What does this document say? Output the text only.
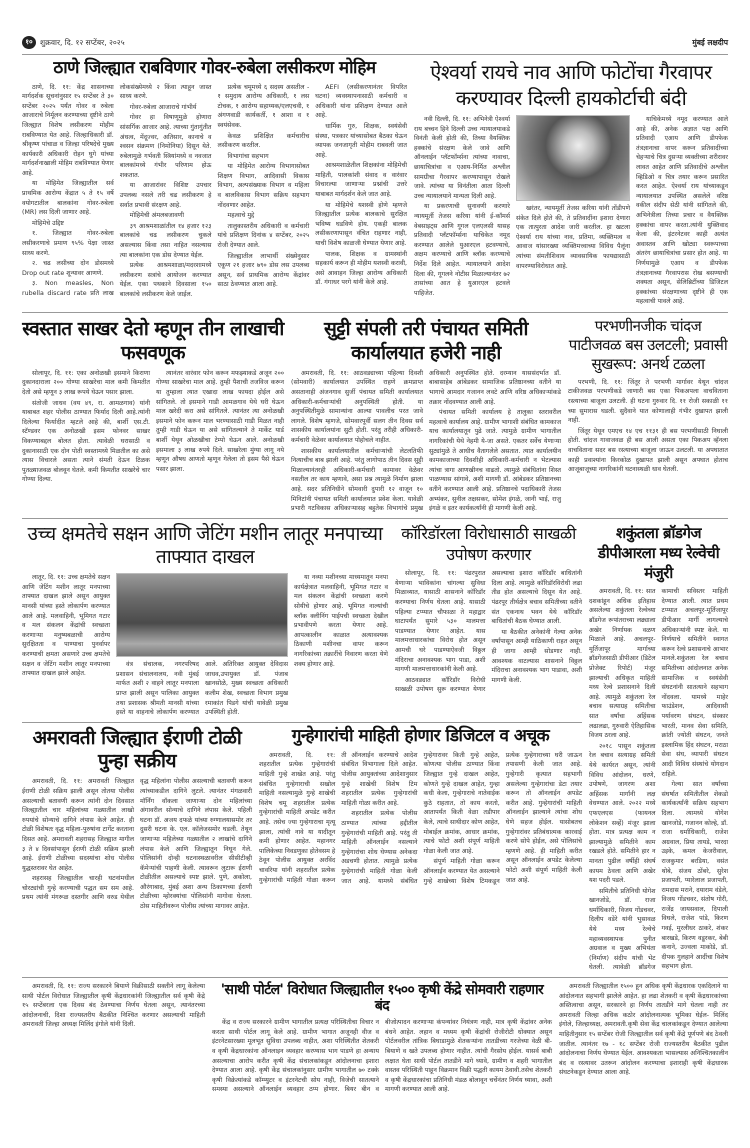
१० शुक्रवार, दि. १२ सप्टेंबर, २०२५	मुंबई लक्षदीप
ठाणे जिल्ह्यात राबविणार गोवर-रुबेला लसीकरण मोहिम

ठाणे, दि. ११: केंद्र शासनाच्या मार्गदर्शक सूचनांनुसार १५ सप्टेंबर ते ३० सप्टेंबर २०२५ पर्यंत गोवर व रुबेला आजाराचे निर्मूलन करण्याच्या दृष्टीने ठाणे जिल्ह्यात विशेष लसीकरण मोहीम राबविण्यात येत आहे. जिल्हाधिकारी डॉ. श्रीकृष्ण पांचाळ व जिल्हा परिषदेचे मुख्य कार्यकारी अधिकारी रोहन घुगे यांच्या मार्गदर्शनाखाली मोहिम राबविण्यात येणार आहे.

या मोहिमेत जिल्ह्यातील सर्व प्राथमिक आरोग्य केंद्रात ५ ते १५ वर्षे वयोगटातील बालकांना गोवर-रुबेला (MR) लस दिली जाणार आहे.

मोहिमेचे उद्दिष्ट

१. जिल्ह्यात गोवर-रुबेला लसीकरणाचे प्रमाण ९५% पेक्षा जास्त साध्य करणे.

२. चढ लसीच्या दोन डोसमध्ये Drop out rate शून्यावर आणणे.

३. Non measles, Non rubella discard rate प्रति लाख लोकसंख्येमध्ये २ किंवा त्याहून जास्त साध्य करणे.

गोवर-रुबेला आजाराचे गांभीर्य

गोवर हा विषाणूमुळे होणारा सांसर्गिक आजार आहे. त्याच्या गुंतागुंतीत अंधत्व, मेंदूज्वर, अतिसार, कानाचे व श्वसन संक्रमण (निमोनिया) दिसून येते. रुबेलामुळे गर्भवती स्त्रियांमध्ये व नवजात बालकांमध्ये गंभीर परिणाम होऊ शकतात.

या आजारांवर विशिष्ट उपचार उपलब्ध नसले तरी चढ लसीकरण हे सर्वात प्रभावी संरक्षण आहे.

मोहिमेची अंमलबजावणी

३९ आश्रमशाळांतील १४ हजार १२३ बालकांचे चढ लसीकरण चुकले असल्यास किंवा तसा नाहित नसल्यास त्या बालकांना एक डोस देण्यात येईल.

प्रत्येक आश्रमशाळा/मदरशामध्ये लसीकरण सत्रांचे आयोजन करण्यात येईल. एका पथकाने दिवसाला १५० बालकांचे लसीकरण केले जाईल.

प्रत्येक चमूमध्ये ६ सदस्य असतील - १ समुदाय आरोग्य अधिकारी, १ लस टोचक, १ आरोग्य सहाय्यक/एलएचवी, १ अंगणवाडी कार्यकर्ती, १ आशा व १ स्वयंसेवक.

केवळ प्रशिक्षित कर्मचारीच लसीकरण करतील.

विभागांचा सहभाग

या मोहिमेत आरोग्य विभागासोबत शिक्षण विभाग, आदिवासी विकास विभाग, अल्पसंख्याक विभाग व महिला व बालविकास विभाग सक्रिय सहभाग नोंदवणार आहेत.

महत्वाचे मुद्दे

तालुकास्तरीय अधिकारी व कर्मचारी यांचे प्रशिक्षण दिनांक ४ सप्टेंबर, २०२५ रोजी देण्यात आले.

जिल्ह्यातील लाभार्थी संख्येनुसार एकूण २१ हजार ७९० डोस लस उपलब्ध असून, सर्व प्राथमिक आरोग्य केंद्रांवर साठा ठेवण्यात आला आहे.

AEFI (लसीकरणानंतर विपरित घटना) व्यवस्थापनासाठी कर्मचारी व अधिकारी यांना प्रशिक्षण देण्यात आले आहे.

धार्मिक गुरु, शिक्षक, स्वयंसेवी संस्था, पत्रकार यांच्यासोबत बैठका घेऊन व्यापक जनजागृती मोहीम राबवली जात आहे.

आश्रमशाळेतील शिक्षकांना मोहिमेची माहिती, पालकांशी संवाद व वारंवार विचारल्या जाणाऱ्या प्रश्नांची उत्तरे याबाबत मार्गदर्शन केले जात आहे.

या मोहिमेचे यशस्वी होणे म्हणजे जिल्ह्यातील प्रत्येक बालकाचे सुरक्षित भविष्य घडविणे होय. एकही बालक लसीकरणापासून वंचित राहणार नाही, याची विशेष काळजी घेण्यात येणार आहे.

पालक, शिक्षक व ग्रामस्थांनी सहकार्य करून ही मोहीम यशस्वी करावी, असे आवाहन जिल्हा आरोग्य अधिकारी डॉ. गंगाधर परगे यांनी केले आहे.

ऐश्वर्या रायचे नाव आणि फोटोंचा गैरवापर करण्यावर दिल्ली हायकोर्टाची बंदी

नवी दिल्ली, दि. ११: अभिनेत्री ऐश्वर्या राय बच्चन हिने दिल्ली उच्च न्यायालयाकडे विनंती केली होती की, तिच्या वैयक्तिक हक्कांचे संरक्षण केले जावे आणि ऑनलाईन प्लॅटफॉर्म्सना त्यांच्या नावाचा, छायाचित्रांचा व एआय-निर्मित अश्लील सामग्रीचा गैरवापर करण्यापासून रोखले जावे. त्यांच्या या विनंतीला आता दिल्ली उच्च न्यायालयाने मान्यता दिली आहे.

या प्रकरणाची सुनावणी करणारे न्यायमूर्ती तेजस करिया यांनी ई-कॉमर्स वेबसाइट्स आणि गूगल एलएलसी यासह प्रतिवादी प्लॅटफॉर्म्सना याचिकेत नमूद करण्यात आलेले युआरएल हटवण्याचे, अक्षम करण्याचे आणि ब्लॉक करण्याचे निर्देश दिले आहेत. न्यायालयाने आदेश दिला की, गूगलने नोटीस मिळाल्यानंतर ७२ तासांच्या आत हे युआरएल हटवले पाहिजेत.

खरंतर, न्यायमूर्ती तेजस करिया यांनी तोंडीपणे संकेत दिले होते की, ते प्रतिवादींना इशारा देणारा एक तात्पुरता आदेश जारी करतील. हा खटला ऐश्वर्या राय यांच्या नाव, प्रतिमा, व्यक्तिमत्व व आवाज यांसारख्या व्यक्तिमत्त्वाच्या विविध पैलूंना त्यांच्या संमतीशिवाय व्यावसायिक फायद्यासाठी वापरण्याविरोधात आहे.

याचिकेमध्ये नमूद करण्यात आले आहे की, अनेक अज्ञात पक्ष आणि प्रतिवादी एआय आणि डीपफेक तंत्रज्ञानाचा वापर करून प्रतिवादींच्या चेहऱ्याचे चित्र दुसऱ्या व्यक्तीच्या शरीरावर लावत आहेत आणि प्रतिवादीचे अश्लील व्हिडिओ व चित्र तयार करून प्रसारित करत आहेत. ऐश्वर्या राय यांच्याकडून न्यायालयात उपस्थित असलेले वरिष्ठ वकील संदीप सेठी यांनी सांगितले की, अभिनेत्रीला तिच्या प्रचार व वैयक्तिक हक्कांचा वापर करता.त्यांनी युक्तिवाद केला की, इंटरनेटवर काही अत्यंत अवास्तव आणि खोट्या स्वरूपाच्या अंतरंग छायाचित्रांचा प्रसार होत आहे. या निर्णयामुळे एआय व डीपफेक तंत्रज्ञानाच्या गैरवापरास रोख बसण्याची शक्यता असून, सेलिब्रिटींच्या डिजिटल हक्कांच्या संरक्षणाच्या दृष्टीने ही एक महत्वाची पावले आहे.

स्वस्तात साखर देतो म्हणून तीन लाखाची फसवणूक

सोलापूर, दि. ११: एका अनोळखी इसमाने किराणा दुकानदाराला २०० गोण्या साखरेचा माल कमी किमतीत देतो असे म्हणून ३ लाख रूपये घेऊन पसार झाला.

संतोजी जाधव (वय ४९, रा. आमळगाव) यांनी याबाबत शहर पोलीस ठाण्यात फिर्याद दिली आहे.त्यांनी दिलेल्या फिर्यादीत म्हटले आहे की, बार्शी एस.टी. स्टॅण्डवर एक अनोळखी इसम फोनवर साखर विकण्याबद्दल बोलत होता. त्यावेळी घरासाठी व दुकानासाठी एक दोन पोती स्वस्तामध्ये मिळतील का असे त्यास विचारले असता त्याने संमती देऊन टिळक पुतळ्याजवळ बोलवून घेतले. कमी किमतीत साखरेचे चार गोण्या दिल्या.

त्यानंतर वारंवार फोन करून मफझ्याकडे अजून २०० गोण्या साखरेचा माल आहे. तुम्ही पैशाची तजविज करून या तुम्हाला त्यात एखादा लाख फायदा होईल असे सांगितले. तो इसमाने गाडी आमळगाव येथे घरी घेऊन माल खरेदी करा असे सांगितले. त्यानंतर त्या अनोळखी इसमाने फोन करून माल भरण्यासाठी गाडी मिळत नाही तुम्ही गाडी घेऊन या असे सांगितल्याने ते मार्केट यार्ड बार्शी येथून ओळखीचा टेम्पो घेऊन आले. अनोळखी इसमाला ३ लाख रुपये दिले. साखरेला मुंग्या लागू नये म्हणून औषध आणतो म्हणून गेलेला तो इसम पैसे घेऊन पसार झाला.

सुट्टी संपली तरी पंचायत समिती कार्यालयात हजेरी नाही

अमरावती, दि. ११: आठवड्याच्या पहिल्या दिवशी (सोमवारी) कार्यालयात उपस्थित राहणे क्रमप्राप्त असतानाही अंजनगाव सुर्जी पंचायत समिती कार्यालयात अधिकारी-कर्मचाऱ्यांची अनुपस्थिती होती. या अनुपस्थितीमुळे सामान्यांना आल्या पावलीच परत जावे लागले. विशेष म्हणजे, सोमवारपूर्वी सलग तीन दिवस सर्व शासकीय कार्यालयांना सुटी होती. परंतु तरीही अधिकारी-कर्मचारी वेळेवर कार्यालयात पोहोचले नाहीत.

शासकीय कार्यालयातील कर्मचाऱ्यांची लेटलतिफी नित्याचीच बाब झाली आहे. परंतु लागोपाठ तीन दिवस सुट्टी मिळाल्यानंतरही अधिकारी-कर्मचारी कामावर वेळेवर नसतील तर काय म्हणावे, असा प्रश्न त्यामुळे निर्माण झाला आहे. सदर प्रतिनिधीने सोमवारी दुपारी १२ वाजून १० मिनिटांनी पंचायत समिती कार्यालयात प्रवेश केला. यावेळी प्रभारी गटविकास अधिकाऱ्यासह बहुतेक विभागांचे प्रमुख अधिकारी अनुपस्थित होते. दरम्यान याससंदर्भात डॉ. बाबासाहेब आंबेडकर सामाजिक प्रतिष्ठानच्या वतीने या भागाचे आमदार गजानन लवटे आणि वरिष्ठ अधिकाऱ्यांकडे तक्रार नोंदवण्यात आली आहे.

पंचायत समिती कार्यालय हे तालुका स्तरावरील महत्वाचे कार्यालय आहे. ग्रामीण भागाशी संबंधित कामकाज याच कार्यालयातून पुढे जाते. त्यामुळे ग्रामीण भागातील नागरिकांची येथे नेहमी ये-जा असते. एकतर सर्वेच येणाऱ्या सुट्यांमुळे ते आधीच वैतागलेले असतात. त्यात कार्यालयीन कामकाजाच्या दिवशीही अधिकारी-कर्मचारी न भेटल्यास त्यांचा त्रागा आणखीनच वाढतो. त्यामुळे संबंधितांना शिस्त पाळण्यास सांगावे, अशी मागणी डॉ. आंबेडकर प्रतिष्ठानच्या वतीने करण्यात आली आहे. प्रतिष्ठानचे पदाधिकारी तेजस अभ्यंकर, सुनील तक्षसकर, सोमेश इंगळे, जानी भाई, राजु इंगळे व इतर कार्यकर्त्यांनी ही मागणी केली आहे.

परभणीनजीक चांदज पाटीजवळ बस उलटली; प्रवासी सुखरूप: अनर्थ टळला

परभणी, दि. ११: जिंतूर ते परभणी मार्गावर येथून चांदज टाकीजवळ परभणीकडे जाणारी बस एका पिकअपला वाचविताना रस्त्याच्या बाजूला उलटली. ही घटना गुरुवार दि. ११ रोजी सकाळी ११ च्या सुमारास घडली. सुदैवाने यात कोणालाही गंभीर दुखापत झाली नाही.

जिंतूर येथून एमएच १४ एच ११३१ ही बस परभणीसाठी निघाली होती. चांदज गावाजवळ ही बस आली असता एका पिकअप व्हॅनला वाचविताना सदर बस रस्त्याच्या बाजूला जाऊन उलटली. या अपघातात काही प्रवाश्यांना किरकोळ दुखापत झाली असून अपघात होताच आजूबाजूच्या नागरिकांनी घटनास्थळी धाव घेतली.

उच्च क्षमतेचे सक्षन आणि जेटिंग मशीन लातूर मनपाच्या ताफ्यात दाखल

लातूर, दि. ११: उच्च क्षमतेचे सक्षन आणि जेटिंग मशीन लातूर मनपाच्या ताफ्यात दाखल झाले असून आयुक्त मानसी यांच्या हस्ते लोकार्पण करण्यात आले आहे. मलवाहिनी, भूमिगत गटार व मल संकलन केंद्रांची स्वच्छता करणाऱ्या मनुष्यबळाची आरोग्य सुरक्षितता व पाण्याचा पुनर्वापर करण्याची क्षमता असणारे उच्च क्षमतेचे सक्षन व जेटिंग मशीन लातूर मनपाच्या ताफ्यात दाखल झाले आहेत.

वंत्र संचालक, नगरपरिषद प्रशासन संचालनालय, नवी मुंबई मार्फत अशी २ वाहने लातूर मनपाला प्राप्त झाली असून पालिका आयुक्त तथा प्रशासक श्रीमती मानसी यांच्या हस्ते या वाहनाचे लोकार्पण करण्यात आले. अतिरिक्त आयुक्त देविदास जाधव,उपायुक्त डॉ. पंजाब खानसोळे, मुख्य स्वच्छता अधिकारी कलीम शेख, स्वच्छता विभाग प्रमुख रमाकांत पिडगे यांची यावेळी प्रमुख उपस्थिती होती.

या नव्या मशीनच्या माध्यमातून मनपा कार्यक्षेत्रात मलवाहिनी, भूमिगत गटार व मल संकलन केंद्रांची स्वच्छता करणे सोयीचे होणार आहे. भूमिगत नाल्यांची ब्लॉक क्लीनिंग पाईपची स्वच्छता देखील प्रभावीपणे करता येणार आहे. आपत्कालीन काळात अत्यावश्यक ठिकाणी मशीनचा वापर करून नागरिकांच्या तक्रारींचे निवारण करता येणे शक्य होणार आहे.

कॉरिडॉरला विरोधासाठी साखळी उपोषण करणार

सोलापूर, दि. ११: पंढरपुरात येणाऱ्या भाविकांना चांगल्या सुविधा मिळाव्यात, यासाठी शासनाने कॉरिडॉर करण्याचा निर्णय घेतला आहे. यासाठी पहिल्या टप्प्यात चौफाळा ते महाद्वार घाटापर्यंत सुमारे ५३० मालमत्ता पाडण्यात येणार आहेत. यास मालमत्ताधारकांचा विरोध होत असून आमची घरे पाडण्याऐवजी विठ्ठल मंदिराचा अनावश्यक भाग पाडा, अशी मागणी मालमत्ताधारकांनी केली आहे.

आठवड्यात कॉरिडॉर विरोधी साखळी उपोषण सुरू करण्यात येणार असल्याचा इशारा कॉरिडॉर बाधितांनी दिला आहे. त्यामुळे कॉरिडॉरविरोधी लढा तीव्र होत असल्याचे दिसून येत आहे. पंढरपूर तीर्थक्षेत्र बचाव समितीच्या वतीने संत एकनाथ भवन येथे कॉरिडॉर बाधितांची बैठक घेण्यात आली.

या बैठकीत अनेकांनी गेल्या अनेक वर्षांपासून आम्ही याठिकाणी राहत असून ही जागा आम्ही सोडणार नाही. आवश्यक वाटल्यास शासनाने विठ्ठल मंदिराचा अनावश्यक भाग पाडावा, अशी मागणी केली.

अमरावती जिल्ह्यात ईराणी टोळी पुन्हा सक्रीय

अमरावती, दि. ११: अमरावती जिल्ह्यात ईराणी टोळी सक्रिय झाली असून तोतया पोलीस असल्याची बतावणी करून त्यांनी दोन दिवसात जिल्ह्यातील चार महिलांच्या गळ्यातील लाखो रुपयांचे सोन्याचे दागिने लंपास केले आहेत. ही टोळी विशेषतः वृद्ध महिला-पुरुषांना टार्गेट करताना दिसत आहे. अमरावती शहरासह जिल्ह्यात मागील ३ ते ४ दिवसांपासून ईराणी टोळी सक्रिय झाली आहे. ईराणी टोळीच्या सदस्यांचा शोध पोलीस युद्धस्तरावर घेत आहेत.

शहरासह जिल्ह्यातील चारही घटनांमधील चोरट्यांची गुन्हे करण्याची पद्धत सम सम आहे. प्रथम त्यांनी मंगरूळ दस्तगीर आणि वरुड येथील वृद्ध महिलांना पोलीस असल्याची बतावणी करून त्यांच्याकडील दागिने लुटले. त्यानंतर मंगळवारी मॉर्निंग वॉकला जाणाऱ्या दोन महिलांच्या अंगावरील सोन्याचे दागिने लंपास केले. पहिली घटना डॉ. अजय दफळे यांच्या रुग्णालयासमोर तर दुसरी घटना के. एल. कॉलेजसमोर घडली. तेथून जाणाऱ्या महिलेच्या गळ्यातील २ लाखांचे दागिने लंपास केले आणि जिल्ह्यातून निघून गेले. पोलिसांनी दोन्ही घटनास्थळावरील सीसीटीव्ही कॅमेऱ्यांची पाहणी केली. त्यावरून लुटारू ईराणी टोळीतील असल्याचे स्पष्ट झाले. पुणे, अकोला, औरंगाबाद, मुंबई अशा अन्य ठिकाणच्या ईराणी टोळीच्या म्होरक्यांचा पोलिसांनी मागोवा घेतला. ठोस माहितीवरून पोलीस त्यांच्या मागावर आहेत.

गुन्हेगारांची माहिती होणार डिजिटल व अचूक

अमरावती, दि. ११: शहरातील प्रत्येक गुन्हेगारांची माहिती गुन्हे शाखेत आहे. परंतु संबंधित गुन्हेगाराची सखोल माहिती नसल्यामुळे गुन्हे शाखेची विशेष चमू शहरातील प्रत्येक गुन्हेगारांची माहिती अपडेट करीत आहे. तसेच ज्या गुन्हेगाराचा मृत्यू झाला, त्यांची नावे या यादीतून कमी होणार आहेत. महानगर पालिकेच्या निवडणुका होतेवसम हे ठेवून पोलीस आयुक्त अरविंद चावरिया यांनी शहरातील प्रत्येक गुन्हेगारांची माहिती गोळा करून ती ऑनलाईन करण्याचे आदेश संबंधित विभागाला दिले आहेत. पोलीस आयुक्तांच्या आदेशानुसार गुन्हे शाखेची विशेष टिम शहरातील प्रत्येक गुन्हेगारांची माहिती गोळा करीत आहे.

शहरातील प्रत्येक पोलीस ठाण्यात त्यांच्या हद्दीतील गुन्हेगारांची माहिती आहे. परंतु ती माहिती ऑनलाईन नसल्याने गुन्हेगारांचा शोध घेण्यास अनेकदा अडचणी होतात. त्यामुळे प्रत्येक गुन्हेगारांची माहिती गोळा केली जात आहे. यामध्ये संबंधित गुन्हेगारावर किती गुन्हे आहेत, कोणत्या पोलीस ठाण्यात किंवा जिल्ह्यात गुन्हे दाखल आहेत, कोणते गुन्हे दाखल आहेत, गुन्हा कधी केला, गुन्हेगाराचे नातेवाईक कुठे राहतात, तो काय करतो, आतापर्यंत किती वेळा तडीपार केले, त्याचे साथीदार कोण आहेत, मोबाईल क्रमांक, आधार क्रमांक, त्याचे फोटो अशी संपूर्ण माहिती गोळा केली जात आहे.

संपूर्ण माहिती गोळा करून ऑनलाईन करण्यात येत असल्याने गुन्हे शाखेच्या विशेष टिमकडून प्रत्येक गुन्हेगाराच्या घरी जाऊन तपासणी केली जात आहे. गुन्हेगारी कृत्यात सहभागी असलेल्या गुन्हेगारांचा डेटा तयार करून तो ऑनलाईन अपडेट करीत आहे. गुन्हेगारांची माहिती ऑनलाईन झाल्याने त्यांचा शोध घेणे सहज होईल. यासोबतच गुन्हेगारांवर प्रतिबंधात्मक कारवाई करणे सोपे होईल, असे पोलिसांचे म्हणणे आहे. ही माहिती करीत असून ऑनलाईन अपडेट केलेल्या फोटो अशी संपूर्ण माहिती केली जात आहे.

शकुंतला ब्रॉडगेज डीपीआरला मध्य रेल्वेची मंजुरी

अमरावती, दि. ११: सात दशकांहून अधिक इतिहास असलेल्या शकुंतला रेल्वेच्या ब्रॉडगेज रूपांतराच्या लढ्याला अखेर निर्णायक वळण मिळाले आहे. अचलपूर-मूर्तिजापूर मार्गाच्या ब्रॉडगेजसाठी डीपीआर (डिटेल प्रोजेक्ट रिपोर्ट) मंजूर झाल्याची अधिकृत माहिती मध्य रेल्वे प्रशासनाने दिली आहे. त्यामुळे शकुंतला रेल बचाव सत्याग्रह समितीचा सात वर्षांचा अहिंसक लढालढा, गुरुवारी ऐतिहासिक विजय ठरला आहे.

२०१८ पासून शकुंतला रेल बचाव सत्याग्रह समिती येथे कार्यरत असून, त्यांनी विविध आंदोलन, धरणे, उपोषणे, जागरण अशा अहिंसक मार्गांनी लक्ष वेधण्यात आले. २०२२ मध्ये एफएलएस (फायनल लोकेशन सर्व्हे) मंजूर झाला होता. मात्र प्रत्यक्ष काम न झाल्यामुळे समितीने काम रखडले होते. समितीने हार न मानता पुढील वर्षीही संघर्ष कायम ठेवला आणि अखेर यश पदरी पडले.

समितीचे प्रतिनिधी योगेश खानजोडे, डॉ. राजा धर्माधिकारी, विजय गोंडचवर, दिलीप वडेरे यांनी भुसावळ येथे मध्य रेल्वेचे महाव्यवस्थापक पुनीत अग्रवाल व मुख्य अभियंता (निर्माण) संदीप यांची भेट घेतली. त्यावेळी ब्रॉडगेज कामाची सविस्तर माहिती देण्यात आली. त्यात प्रथम टप्प्यात अचलपूर-मूर्तिजापूर डीपीआर मार्गी लागल्याचे अधिकाऱ्यांनी स्पष्ट केले. या निर्णयाचे समितीने स्वागत करून रेल्वे प्रशासनाचे आभार मानले.शकुंतला रेल बचाव समितीच्या आंदोलनात अनेक सामाजिक व स्वयंसेवी संघटनांनी सातत्याने सहभाग नोंदवला. यामध्ये माहेर फाउंडेशन, आदिवासी पर्यावरण संघटन, संस्कार भारती, मानव सेवा समिति, क्रांती ज्योती संघटन, जनते इस्लामिक हिंद संघटन, मराठा सेवा संघ, व्यापारी संघटन आदी विविध संस्थांचे योगदान राहिले.

गेल्या सात वर्षांच्या संघर्षात समितीतील शेकडो कार्यकर्त्यांनी सक्रिय सहभाग दिला. त्यामध्ये योगेश खानजोडे, गजानन कोल्हे, डॉ. राजा धर्माधिकारी, राजेश अग्रवाल, प्रिया तायडे, भारदा उइके, कमल केजरीवाल, राजकुमार बरडिया, वसंत थोबे, संजय ठोंबरे, सुरेश प्रजापती, प्यारेलाल प्रजापती, रामदास मराने, दयाराम वंडेले, विजय गोंडचवर, संतोष गोरी, राजेंद्र जायसवाल, दिपाली विघले, राजेश पांडे, किरण गवई, मुरलीधर ठाकरे, शंकर बारखडे, किरण वडूरकर, बेबी कनाने, उज्वला माकोडे, डॉ. दीपक गुलहाने आदींचा विशेष सहभाग होता.

अमरावती, दि. ११: राज्य सरकारने बियाणे विक्रीसाठी सक्तीने लागू केलेल्या साथी पोर्टल विरोधात जिल्ह्यातील कृषी केंद्रधारकांनी जिल्ह्यातील सर्व कृषी केंद्रे १५ सप्टेंबरला एक दिवस बंद ठेवण्याचा निर्णय घेतला असून, त्यानंतरच्या आंदोलनाची, दिशा राज्यस्तरीय बैठकीत निश्चित करणार असल्याची माहिती अमरावती जिल्हा अध्यक्ष मिलिंद इंगोले यांनी दिली.

'साथी पोर्टल' विरोधात जिल्ह्यातील १५०० कृषी केंद्रे सोमवारी राहणार बंद

केंद्र व राज्य सरकारने ग्रामीण भागातील प्रत्यक्ष परिस्थितीचा विचार न करता साथी पोर्टल लागू केले आहे. ग्रामीण भागात अजूनही वीज व इंटरनेटसारख्या मूलभूत सुविधा उपलब्ध नाहीत, अशा परिस्थितीत शेतकरी व कृषी केंद्रधारकांना ऑनलाइन व्यवहार करण्यास भाग पाडणे हा अन्याय असल्याचा आरोप करीत कृषी केंद्र संचालकांकडून आंदोलनाचा इशारा देण्यात आला आहे. कृषी केंद्र संचालकांनुसार ग्रामीण भागातील ७० टक्के कृषी विक्रेत्यांकडे कॉम्प्युटर व इंटरनेटची सोय नाही, विजेची सातत्याने समस्या असल्याने ऑनलाईन व्यवहार ठप्प होणार. बियर बीन व बीजोत्पादन करणाऱ्या कंपन्यांवर नियंत्रण नाही, मात्र कृषी केंद्रांवर अनेक बंधने आहेत. लहान व मध्यम कृषी केंद्रांची रोजीरोटी धोक्यात असून पोर्टलवरील तांत्रिक बिघाडामुळे शेतकऱ्यांना तातडीच्या गरजेच्या वेळी बी-बियाणे व खते उपलब्ध होणार नाहीत. त्यांची गैरसोय होईल. यासर्व बाबी लक्षात घेता साथी पोर्टल तातडीने मागे घ्यावे, ग्रामीण व शहरी भागातील वास्तव परिस्थिती पाहून विक्रमान विक्री पद्धती कायम ठेवावी.तसेच शेतकरी व कृषी केंद्रधारकांचा प्रतिनिधी मंडळ बोलावून चर्चेनंतर निर्णय घ्यावा, अशी मागणी करण्यात आली आहे.

अमरावती जिल्ह्यातील १५०० हून अधिक कृषी केंद्रधारक एकदिलाने या आंदोलनात सहभागी झालेले आहेत. हा लढा शेतकरी व कृषी केंद्रधारकांच्या अस्तित्वाचा असून, सरकारने हा निर्णय तातडीने मागे घेतला नाही तर अमरावती जिल्हा अधिक कठोर आंदोलनात्मक भूमिका घेईल- मिलिंद इंगोले, जिल्हाध्यक्ष, अमरावती.कृषी सेवा केंद्र चालकांकडून देण्यात आलेल्या माहितीनुसार १५ सप्टेंबर रोजी जिल्ह्यातील सर्व कृषी केंद्रे पूर्णपणे बंद ठेवली जातील. त्यानंतर १७ - १८ सप्टेंबर रोजी राज्यस्तरीय बैठकीत पुढील आंदोलनाचा निर्णय घेण्यात येईल. आवश्यकता भासल्यास अनिश्चितकालीन बंद व रस्त्यावर उतरून आंदोलन करण्याचा इशाराही कृषी केंद्रधारक संघटनेकडून देण्यात आला आहे.
